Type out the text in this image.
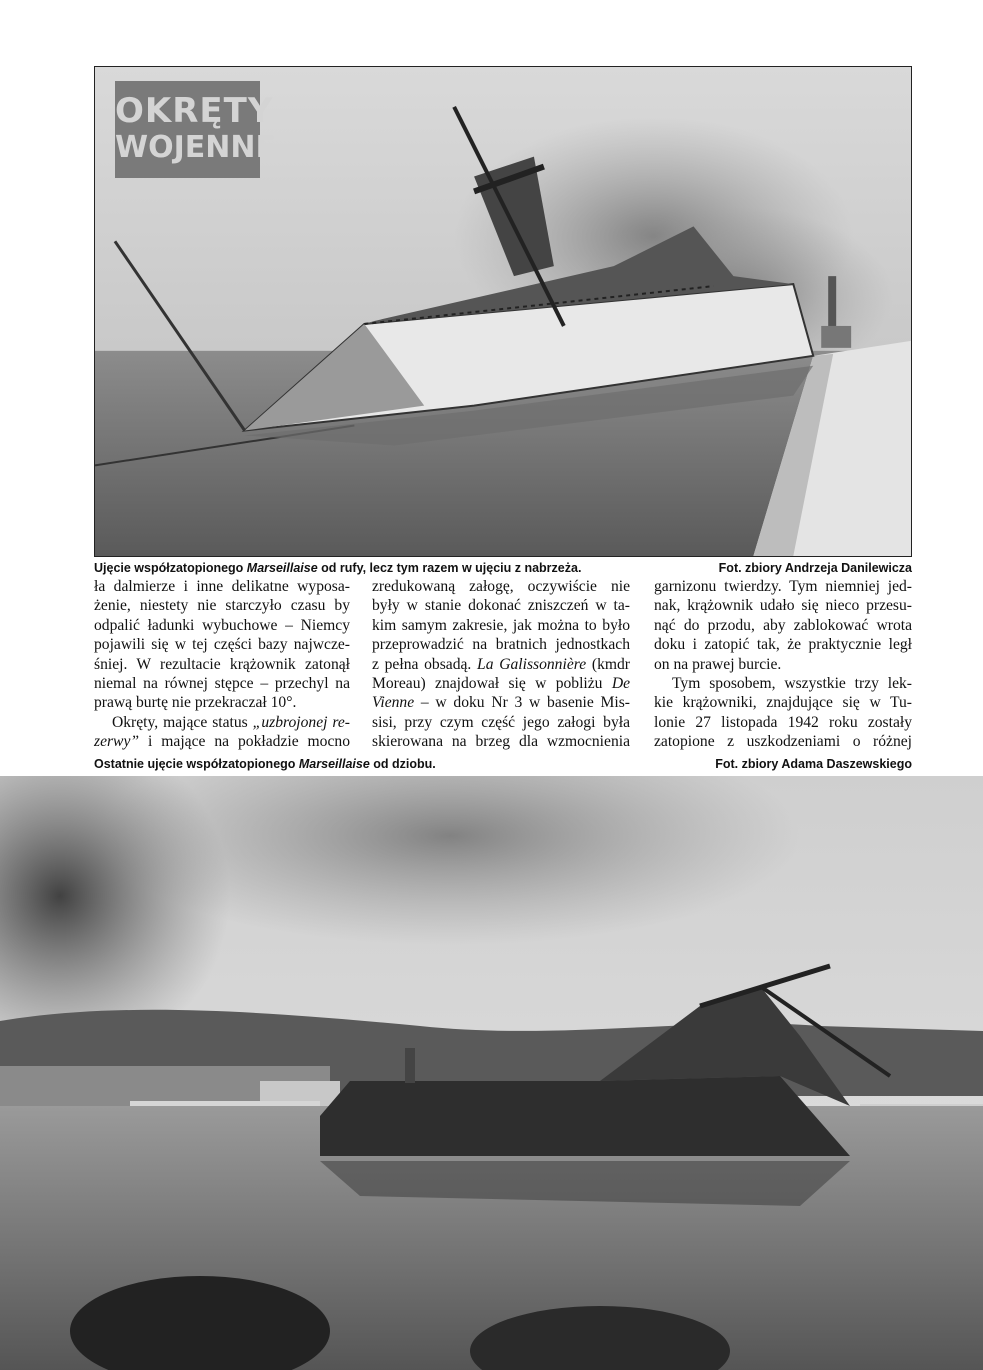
OKRĘTY
WOJENNE
Ujęcie współzatopionego Marseillaise od rufy, lecz tym razem w ujęciu z nabrzeża.	Fot. zbiory Andrzeja Danilewicza
ła dalmierze i inne delikatne wyposa-
żenie, niestety nie starczyło czasu by
odpalić ładunki wybuchowe – Niemcy
pojawili się w tej części bazy najwcze-
śniej. W rezultacie krążownik zatonął
niemal na równej stępce – przechyl na
prawą burtę nie przekraczał 10°.
Okręty, mające status „uzbrojonej re-
zerwy” i mające na pokładzie mocno
zredukowaną załogę, oczywiście nie
były w stanie dokonać zniszczeń w ta-
kim samym zakresie, jak można to było
przeprowadzić na bratnich jednostkach
z pełna obsadą. La Galissonnière (kmdr
Moreau) znajdował się w pobliżu De
Vienne – w doku Nr 3 w basenie Mis-
sisi, przy czym część jego załogi była
skierowana na brzeg dla wzmocnienia
garnizonu twierdzy. Tym niemniej jed-
nak, krążownik udało się nieco przesu-
nąć do przodu, aby zablokować wrota
doku i zatopić tak, że praktycznie legł
on na prawej burcie.
Tym sposobem, wszystkie trzy lek-
kie krążowniki, znajdujące się w Tu-
lonie 27 listopada 1942 roku zostały
zatopione z uszkodzeniami o różnej
Ostatnie ujęcie współzatopionego Marseillaise od dziobu.	Fot. zbiory Adama Daszewskiego
